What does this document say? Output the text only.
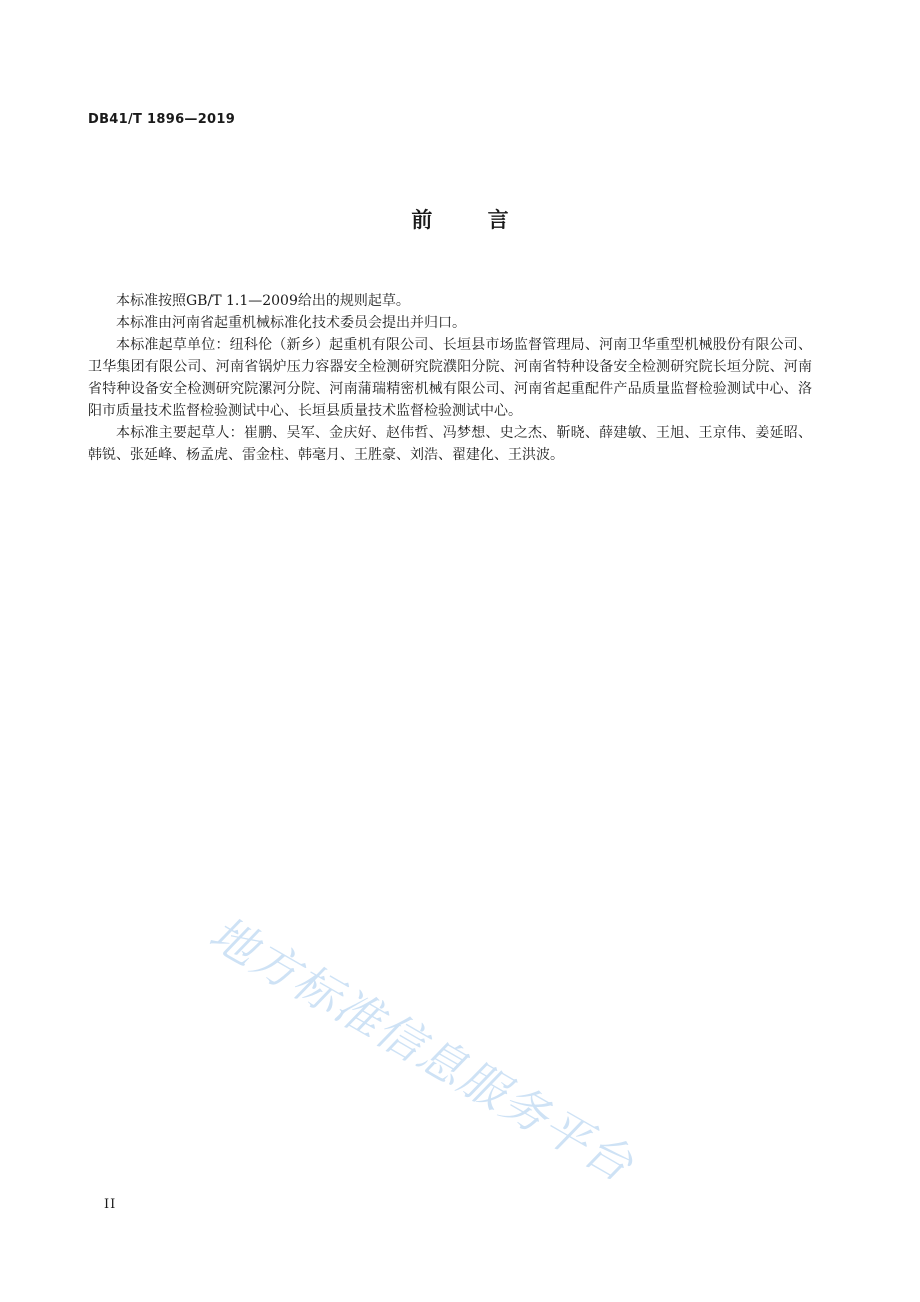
DB41/T 1896—2019
前 言

本标准按照GB/T 1.1—2009给出的规则起草。

本标准由河南省起重机械标准化技术委员会提出并归口。

本标准起草单位：纽科伦（新乡）起重机有限公司、长垣县市场监督管理局、河南卫华重型机械股份有限公司、卫华集团有限公司、河南省锅炉压力容器安全检测研究院濮阳分院、河南省特种设备安全检测研究院长垣分院、河南省特种设备安全检测研究院漯河分院、河南蒲瑞精密机械有限公司、河南省起重配件产品质量监督检验测试中心、洛阳市质量技术监督检验测试中心、长垣县质量技术监督检验测试中心。

本标准主要起草人：崔鹏、吴军、金庆好、赵伟哲、冯梦想、史之杰、靳晓、薛建敏、王旭、王京伟、姜延昭、韩锐、张延峰、杨孟虎、雷金柱、韩毫月、王胜豪、刘浩、翟建化、王洪波。

地方标准信息服务平台
II
